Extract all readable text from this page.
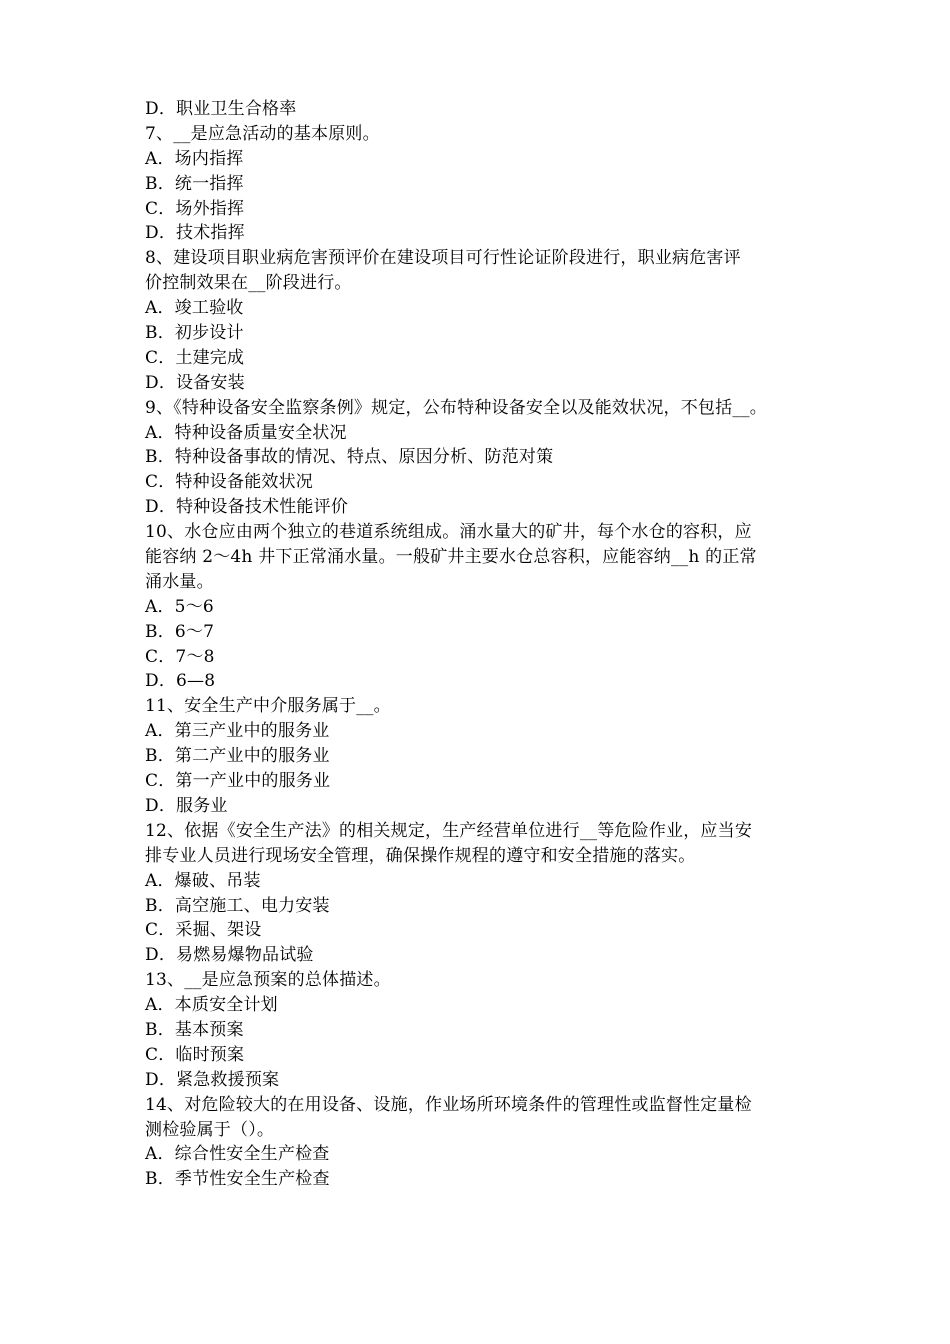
D．职业卫生合格率
7、__是应急活动的基本原则。
A．场内指挥
B．统一指挥
C．场外指挥
D．技术指挥
8、建设项目职业病危害预评价在建设项目可行性论证阶段进行，职业病危害评
价控制效果在__阶段进行。
A．竣工验收
B．初步设计
C．土建完成
D．设备安装
9、《特种设备安全监察条例》规定，公布特种设备安全以及能效状况，不包括__。
A．特种设备质量安全状况
B．特种设备事故的情况、特点、原因分析、防范对策
C．特种设备能效状况
D．特种设备技术性能评价
10、水仓应由两个独立的巷道系统组成。涌水量大的矿井，每个水仓的容积，应
能容纳 2～4h 井下正常涌水量。一般矿井主要水仓总容积，应能容纳__h 的正常
涌水量。
A．5～6
B．6～7
C．7～8
D．6—8
11、安全生产中介服务属于__。
A．第三产业中的服务业
B．第二产业中的服务业
C．第一产业中的服务业
D．服务业
12、依据《安全生产法》的相关规定，生产经营单位进行__等危险作业，应当安
排专业人员进行现场安全管理，确保操作规程的遵守和安全措施的落实。
A．爆破、吊装
B．高空施工、电力安装
C．采掘、架设
D．易燃易爆物品试验
13、__是应急预案的总体描述。
A．本质安全计划
B．基本预案
C．临时预案
D．紧急救援预案
14、对危险较大的在用设备、设施，作业场所环境条件的管理性或监督性定量检
测检验属于（）。
A．综合性安全生产检查
B．季节性安全生产检查
